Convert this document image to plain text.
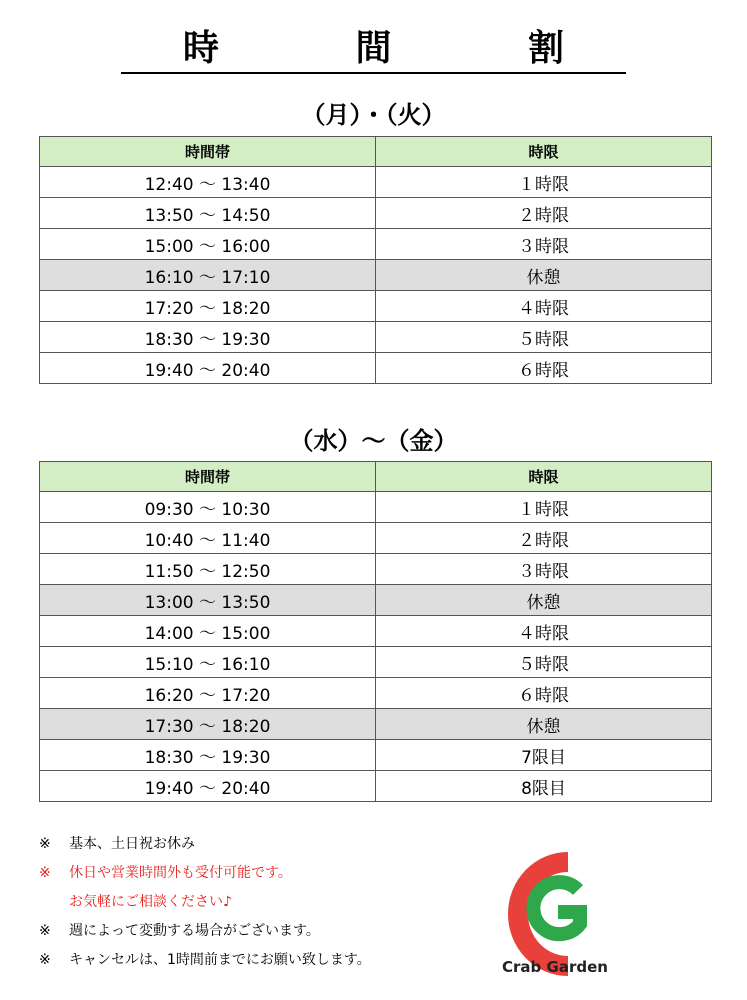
時 間 割
（月）・（火）
時間帯	時限
12:40 ～ 13:40	１時限
13:50 ～ 14:50	２時限
15:00 ～ 16:00	３時限
16:10 ～ 17:10	休憩
17:20 ～ 18:20	４時限
18:30 ～ 19:30	５時限
19:40 ～ 20:40	６時限
（水）～（金）
時間帯	時限
09:30 ～ 10:30	１時限
10:40 ～ 11:40	２時限
11:50 ～ 12:50	３時限
13:00 ～ 13:50	休憩
14:00 ～ 15:00	４時限
15:10 ～ 16:10	５時限
16:20 ～ 17:20	６時限
17:30 ～ 18:20	休憩
18:30 ～ 19:30	7限目
19:40 ～ 20:40	8限目
※ 基本、土日祝お休み
※ 休日や営業時間外も受付可能です。
お気軽にご相談ください♪
※ 週によって変動する場合がございます。
※ キャンセルは、1時間前までにお願い致します。	Crab Garden
